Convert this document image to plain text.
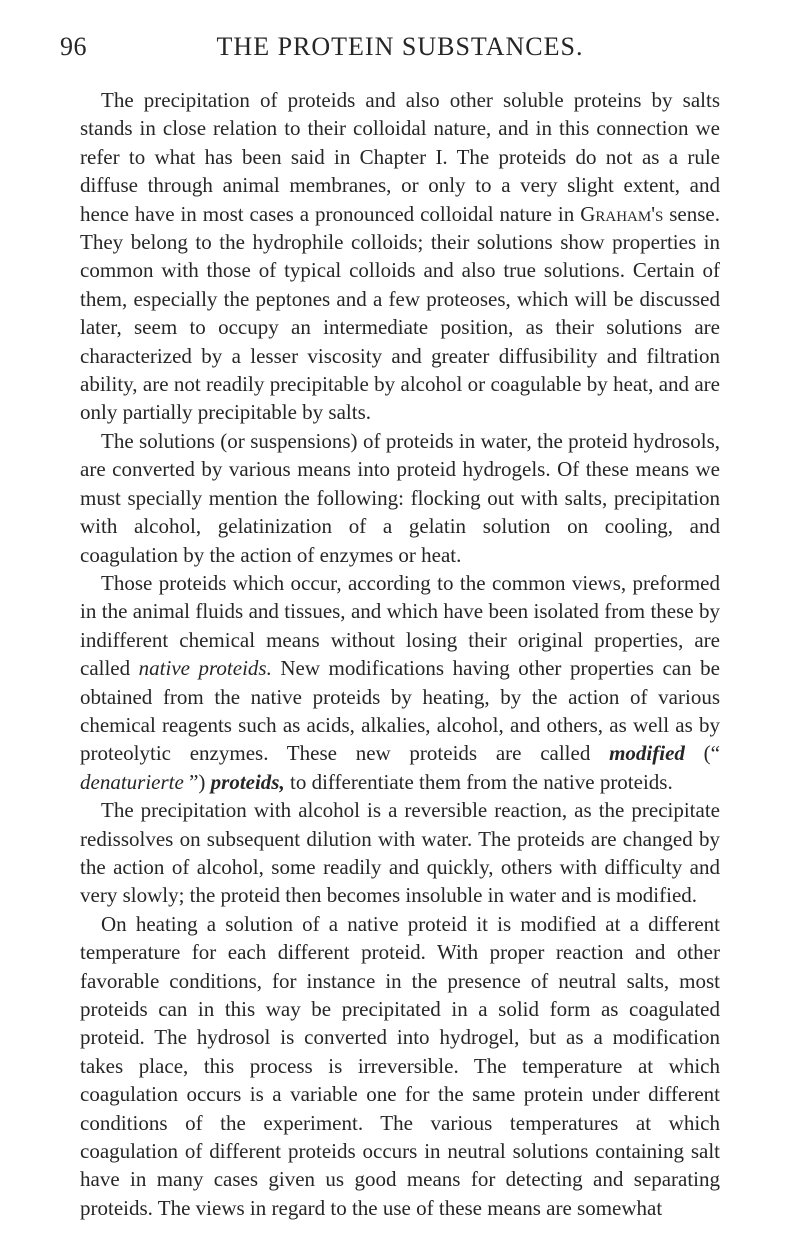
96	THE PROTEIN SUBSTANCES.

The precipitation of proteids and also other soluble proteins by salts stands in close relation to their colloidal nature, and in this connection we refer to what has been said in Chapter I. The proteids do not as a rule diffuse through animal membranes, or only to a very slight extent, and hence have in most cases a pronounced colloidal nature in Graham's sense. They belong to the hydrophile colloids; their solutions show properties in common with those of typical colloids and also true solutions. Certain of them, especially the peptones and a few proteoses, which will be discussed later, seem to occupy an intermediate position, as their solutions are characterized by a lesser viscosity and greater diffusibility and filtration ability, are not readily precipitable by alcohol or coagulable by heat, and are only partially precipitable by salts.

The solutions (or suspensions) of proteids in water, the proteid hydrosols, are converted by various means into proteid hydrogels. Of these means we must specially mention the following: flocking out with salts, precipitation with alcohol, gelatinization of a gelatin solution on cooling, and coagulation by the action of enzymes or heat.

Those proteids which occur, according to the common views, preformed in the animal fluids and tissues, and which have been isolated from these by indifferent chemical means without losing their original properties, are called native proteids. New modifications having other properties can be obtained from the native proteids by heating, by the action of various chemical reagents such as acids, alkalies, alcohol, and others, as well as by proteolytic enzymes. These new proteids are called modified (“ denaturierte ”) proteids, to differentiate them from the native proteids.

The precipitation with alcohol is a reversible reaction, as the precipitate redissolves on subsequent dilution with water. The proteids are changed by the action of alcohol, some readily and quickly, others with difficulty and very slowly; the proteid then becomes insoluble in water and is modified.

On heating a solution of a native proteid it is modified at a different temperature for each different proteid. With proper reaction and other favorable conditions, for instance in the presence of neutral salts, most proteids can in this way be precipitated in a solid form as coagulated proteid. The hydrosol is converted into hydrogel, but as a modification takes place, this process is irreversible. The temperature at which coagulation occurs is a variable one for the same protein under different conditions of the experiment. The various temperatures at which coagulation of different proteids occurs in neutral solutions containing salt have in many cases given us good means for detecting and separating proteids. The views in regard to the use of these means are somewhat
